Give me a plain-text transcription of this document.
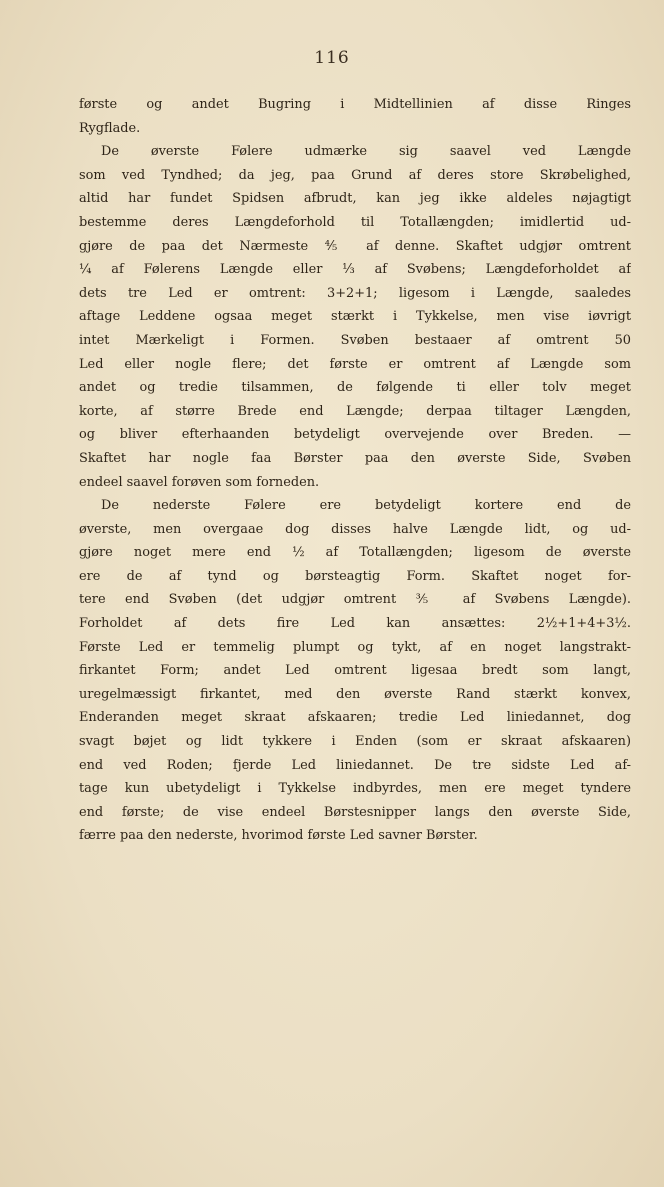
116
første og andet Bugring i Midtellinien af disse Ringes
Rygflade.
De øverste Følere udmærke sig saavel ved Længde
som ved Tyndhed; da jeg, paa Grund af deres store Skrøbelighed,
altid har fundet Spidsen afbrudt, kan jeg ikke aldeles nøjagtigt
bestemme deres Længdeforhold til Totallængden; imidlertid ud-
gjøre de paa det Nærmeste ⅘ af denne. Skaftet udgjør omtrent
¼ af Følerens Længde eller ⅓ af Svøbens; Længdeforholdet af
dets tre Led er omtrent: 3+2+1; ligesom i Længde, saaledes
aftage Leddene ogsaa meget stærkt i Tykkelse, men vise iøvrigt
intet Mærkeligt i Formen. Svøben bestaaer af omtrent 50
Led eller nogle flere; det første er omtrent af Længde som
andet og tredie tilsammen, de følgende ti eller tolv meget
korte, af større Brede end Længde; derpaa tiltager Længden,
og bliver efterhaanden betydeligt overvejende over Breden. —
Skaftet har nogle faa Børster paa den øverste Side, Svøben
endeel saavel forøven som forneden.
De nederste Følere ere betydeligt kortere end de
øverste, men overgaae dog disses halve Længde lidt, og ud-
gjøre noget mere end ½ af Totallængden; ligesom de øverste
ere de af tynd og børsteagtig Form. Skaftet noget for-
tere end Svøben (det udgjør omtrent ⅗ af Svøbens Længde).
Forholdet af dets fire Led kan ansættes: 2½+1+4+3½.
Første Led er temmelig plumpt og tykt, af en noget langstrakt-
firkantet Form; andet Led omtrent ligesaa bredt som langt,
uregelmæssigt firkantet, med den øverste Rand stærkt konvex,
Enderanden meget skraat afskaaren; tredie Led liniedannet, dog
svagt bøjet og lidt tykkere i Enden (som er skraat afskaaren)
end ved Roden; fjerde Led liniedannet. De tre sidste Led af-
tage kun ubetydeligt i Tykkelse indbyrdes, men ere meget tyndere
end første; de vise endeel Børstesnipper langs den øverste Side,
færre paa den nederste, hvorimod første Led savner Børster.
